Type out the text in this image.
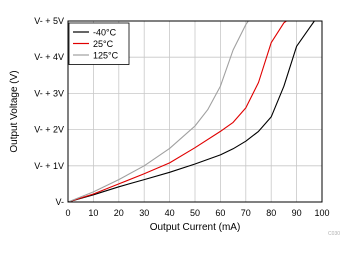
0 10 20 30 40 50 60 70 80 90 100
V-
V- + 1V
V- + 2V
V- + 3V
V- + 4V
V- + 5V
Output Current (mA)
Output Voltage (V)
-40°C
25°C
125°C
C030
